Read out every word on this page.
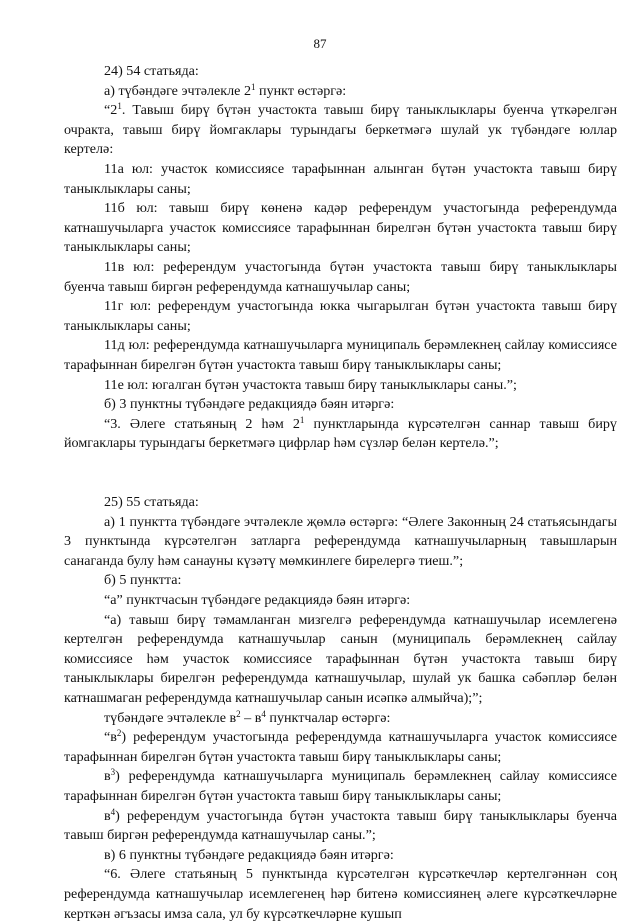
87

24) 54 статьяда:

а) түбәндәге эчтәлекле $2^1$ пункт өстәргә:

“$2^1$. Тавыш бирү бүтән участокта тавыш бирү таныклыклары буенча үткәрелгән очракта, тавыш бирү йомгаклары турындагы беркетмәгә шулай ук түбәндәге юллар кертелә:

11а юл: участок комиссиясе тарафыннан алынган бүтән участокта тавыш бирү таныклыклары саны;

11б юл: тавыш бирү көненә кадәр референдум участогында референдумда катнашучыларга участок комиссиясе тарафыннан бирелгән бүтән участокта тавыш бирү таныклыклары саны;

11в юл: референдум участогында бүтән участокта тавыш бирү таныклыклары буенча тавыш биргән референдумда катнашучылар саны;

11г юл: референдум участогында юкка чыгарылган бүтән участокта тавыш бирү таныклыклары саны;

11д юл: референдумда катнашучыларга муниципаль берәмлекнең сайлау комиссиясе тарафыннан бирелгән бүтән участокта тавыш бирү таныклыклары саны;

11е юл: югалган бүтән участокта тавыш бирү таныклыклары саны.”;

б) 3 пунктны түбәндәге редакциядә бәян итәргә:

“3. Әлеге статьяның 2 һәм $2^1$ пунктларында күрсәтелгән саннар тавыш бирү йомгаклары турындагы беркетмәгә цифрлар һәм сүзләр белән кертелә.”;

25) 55 статьяда:

а) 1 пунктта түбәндәге эчтәлекле җөмлә өстәргә: “Әлеге Законның 24 статьясындагы 3 пунктында күрсәтелгән затларга референдумда катнашучыларның тавышларын санаганда булу һәм санауны күзәтү мөмкинлеге бирелергә тиеш.”;

б) 5 пунктта:

“а” пунктчасын түбәндәге редакциядә бәян итәргә:

“а) тавыш бирү тәмамланган мизгелгә референдумда катнашучылар исемлегенә кертелгән референдумда катнашучылар санын (муниципаль берәмлекнең сайлау комиссиясе һәм участок комиссиясе тарафыннан бүтән участокта тавыш бирү таныклыклары бирелгән референдумда катнашучылар, шулай ук башка сәбәпләр белән катнашмаган референдумда катнашучылар санын исәпкә алмыйча);”;

түбәндәге эчтәлекле $в^2 - в^4$ пунктчалар өстәргә:

“$в^2$) референдум участогында референдумда катнашучыларга участок комиссиясе тарафыннан бирелгән бүтән участокта тавыш бирү таныклыклары саны;

$в^3$) референдумда катнашучыларга муниципаль берәмлекнең сайлау комиссиясе тарафыннан бирелгән бүтән участокта тавыш бирү таныклыклары саны;

$в^4$) референдум участогында бүтән участокта тавыш бирү таныклыклары буенча тавыш биргән референдумда катнашучылар саны.”;

в) 6 пунктны түбәндәге редакциядә бәян итәргә:

“6. Әлеге статьяның 5 пунктында күрсәтелгән күрсәткечләр кертелгәннән соң референдумда катнашучылар исемлегенең һәр битенә комиссиянең әлеге күрсәткечләрне керткән әгъзасы имза сала, ул бу күрсәткечләрне кушып
